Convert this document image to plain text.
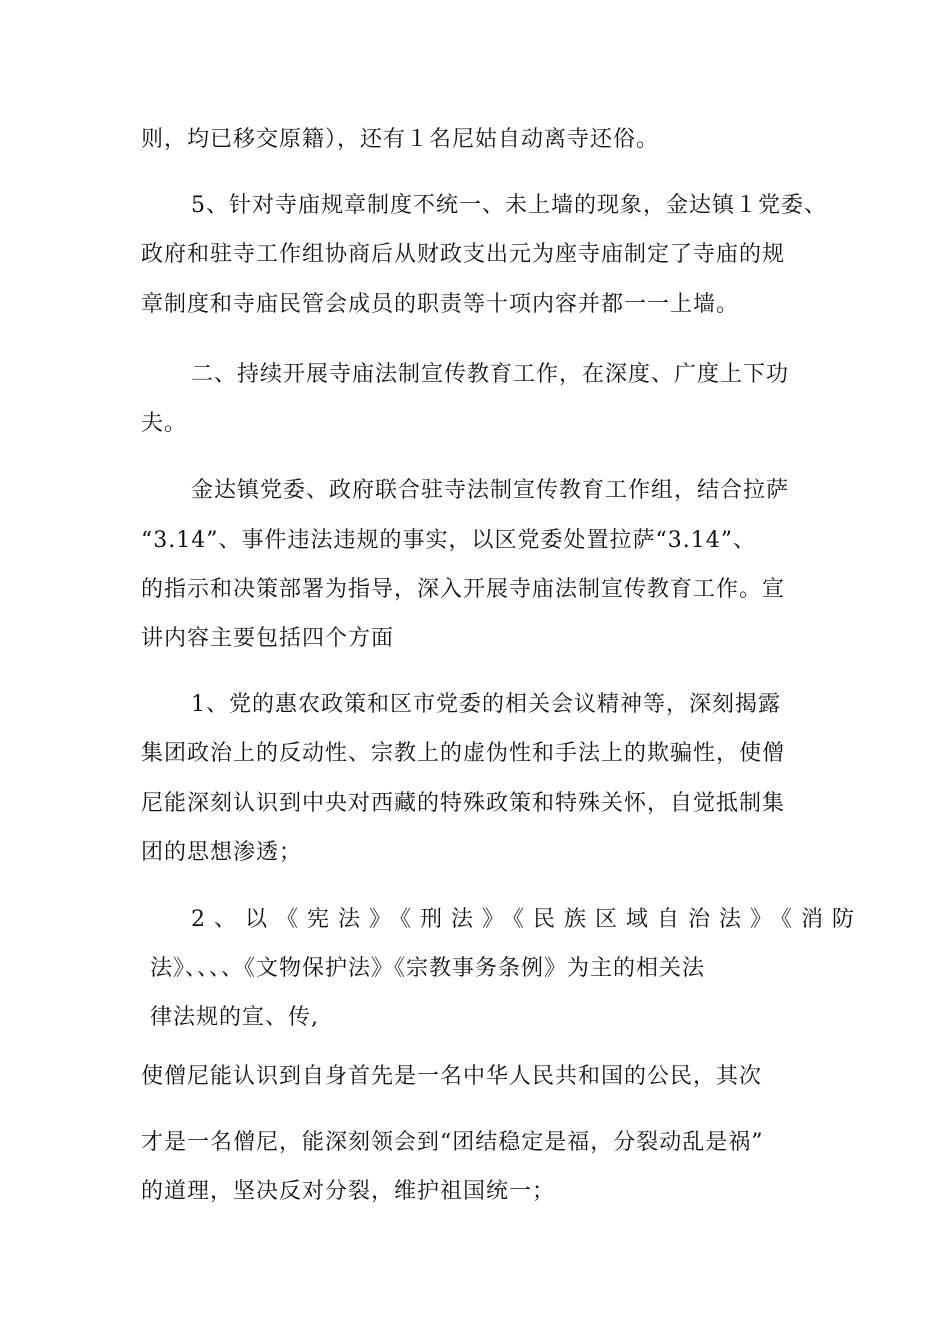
则，均已移交原籍），还有１名尼姑自动离寺还俗。
5、针对寺庙规章制度不统一、未上墙的现象，金达镇１党委、
政府和驻寺工作组协商后从财政支出元为座寺庙制定了寺庙的规
章制度和寺庙民管会成员的职责等十项内容并都一一上墙。
二、持续开展寺庙法制宣传教育工作，在深度、广度上下功
夫。
金达镇党委、政府联合驻寺法制宣传教育工作组，结合拉萨
“3.14”、事件违法违规的事实，以区党委处置拉萨“3.14”、
的指示和决策部署为指导，深入开展寺庙法制宣传教育工作。宣
讲内容主要包括四个方面
1、党的惠农政策和区市党委的相关会议精神等，深刻揭露
集团政治上的反动性、宗教上的虚伪性和手法上的欺骗性，使僧
尼能深刻认识到中央对西藏的特殊政策和特殊关怀，自觉抵制集
团的思想渗透；
2、以《宪法》《刑法》《民族区域自治法》《消防
法》、、、、《文物保护法》《宗教事务条例》为主的相关法
律法规的宣、传,
使僧尼能认识到自身首先是一名中华人民共和国的公民，其次
才是一名僧尼，能深刻领会到“团结稳定是福，分裂动乱是祸”
的道理，坚决反对分裂，维护祖国统一；
